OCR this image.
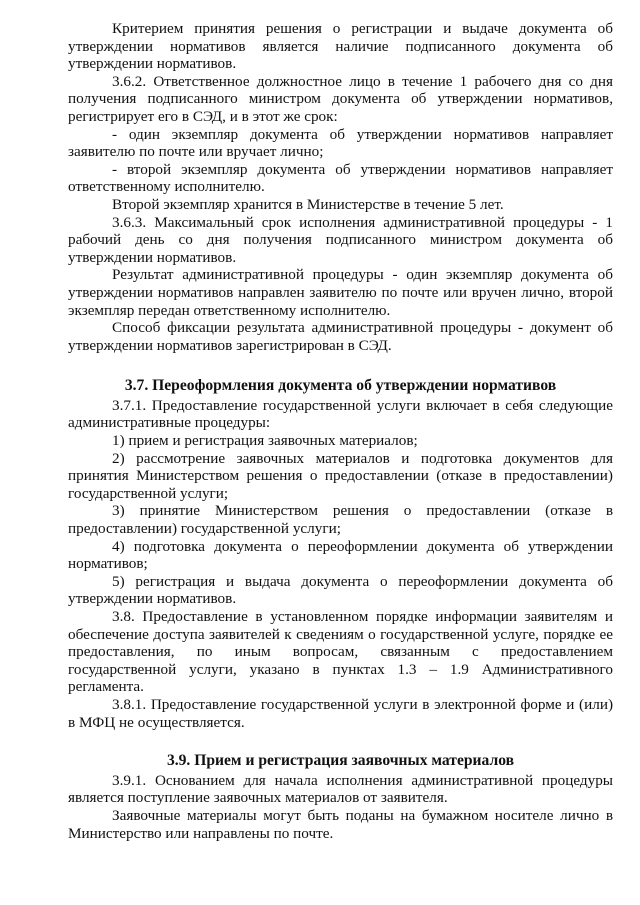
Критерием принятия решения о регистрации и выдаче документа об утверждении нормативов является наличие подписанного документа об утверждении нормативов.

3.6.2. Ответственное должностное лицо в течение 1 рабочего дня со дня получения подписанного министром документа об утверждении нормативов, регистрирует его в СЭД, и в этот же срок:

- один экземпляр документа об утверждении нормативов направляет заявителю по почте или вручает лично;

- второй экземпляр документа об утверждении нормативов направляет ответственному исполнителю.

Второй экземпляр хранится в Министерстве в течение 5 лет.

3.6.3. Максимальный срок исполнения административной процедуры - 1 рабочий день со дня получения подписанного министром документа об утверждении нормативов.

Результат административной процедуры - один экземпляр документа об утверждении нормативов направлен заявителю по почте или вручен лично, второй экземпляр передан ответственному исполнителю.

Способ фиксации результата административной процедуры - документ об утверждении нормативов зарегистрирован в СЭД.

3.7. Переоформления документа об утверждении нормативов

3.7.1. Предоставление государственной услуги включает в себя следующие административные процедуры:

1) прием и регистрация заявочных материалов;

2) рассмотрение заявочных материалов и подготовка документов для принятия Министерством решения о предоставлении (отказе в предоставлении) государственной услуги;

3) принятие Министерством решения о предоставлении (отказе в предоставлении) государственной услуги;

4) подготовка документа о переоформлении документа об утверждении нормативов;

5) регистрация и выдача документа о переоформлении документа об утверждении нормативов.

3.8. Предоставление в установленном порядке информации заявителям и обеспечение доступа заявителей к сведениям о государственной услуге, порядке ее предоставления, по иным вопросам, связанным с предоставлением государственной услуги, указано в пунктах 1.3 – 1.9 Административного регламента.

3.8.1. Предоставление государственной услуги в электронной форме и (или) в МФЦ не осуществляется.

3.9. Прием и регистрация заявочных материалов

3.9.1. Основанием для начала исполнения административной процедуры является поступление заявочных материалов от заявителя.

Заявочные материалы могут быть поданы на бумажном носителе лично в Министерство или направлены по почте.
